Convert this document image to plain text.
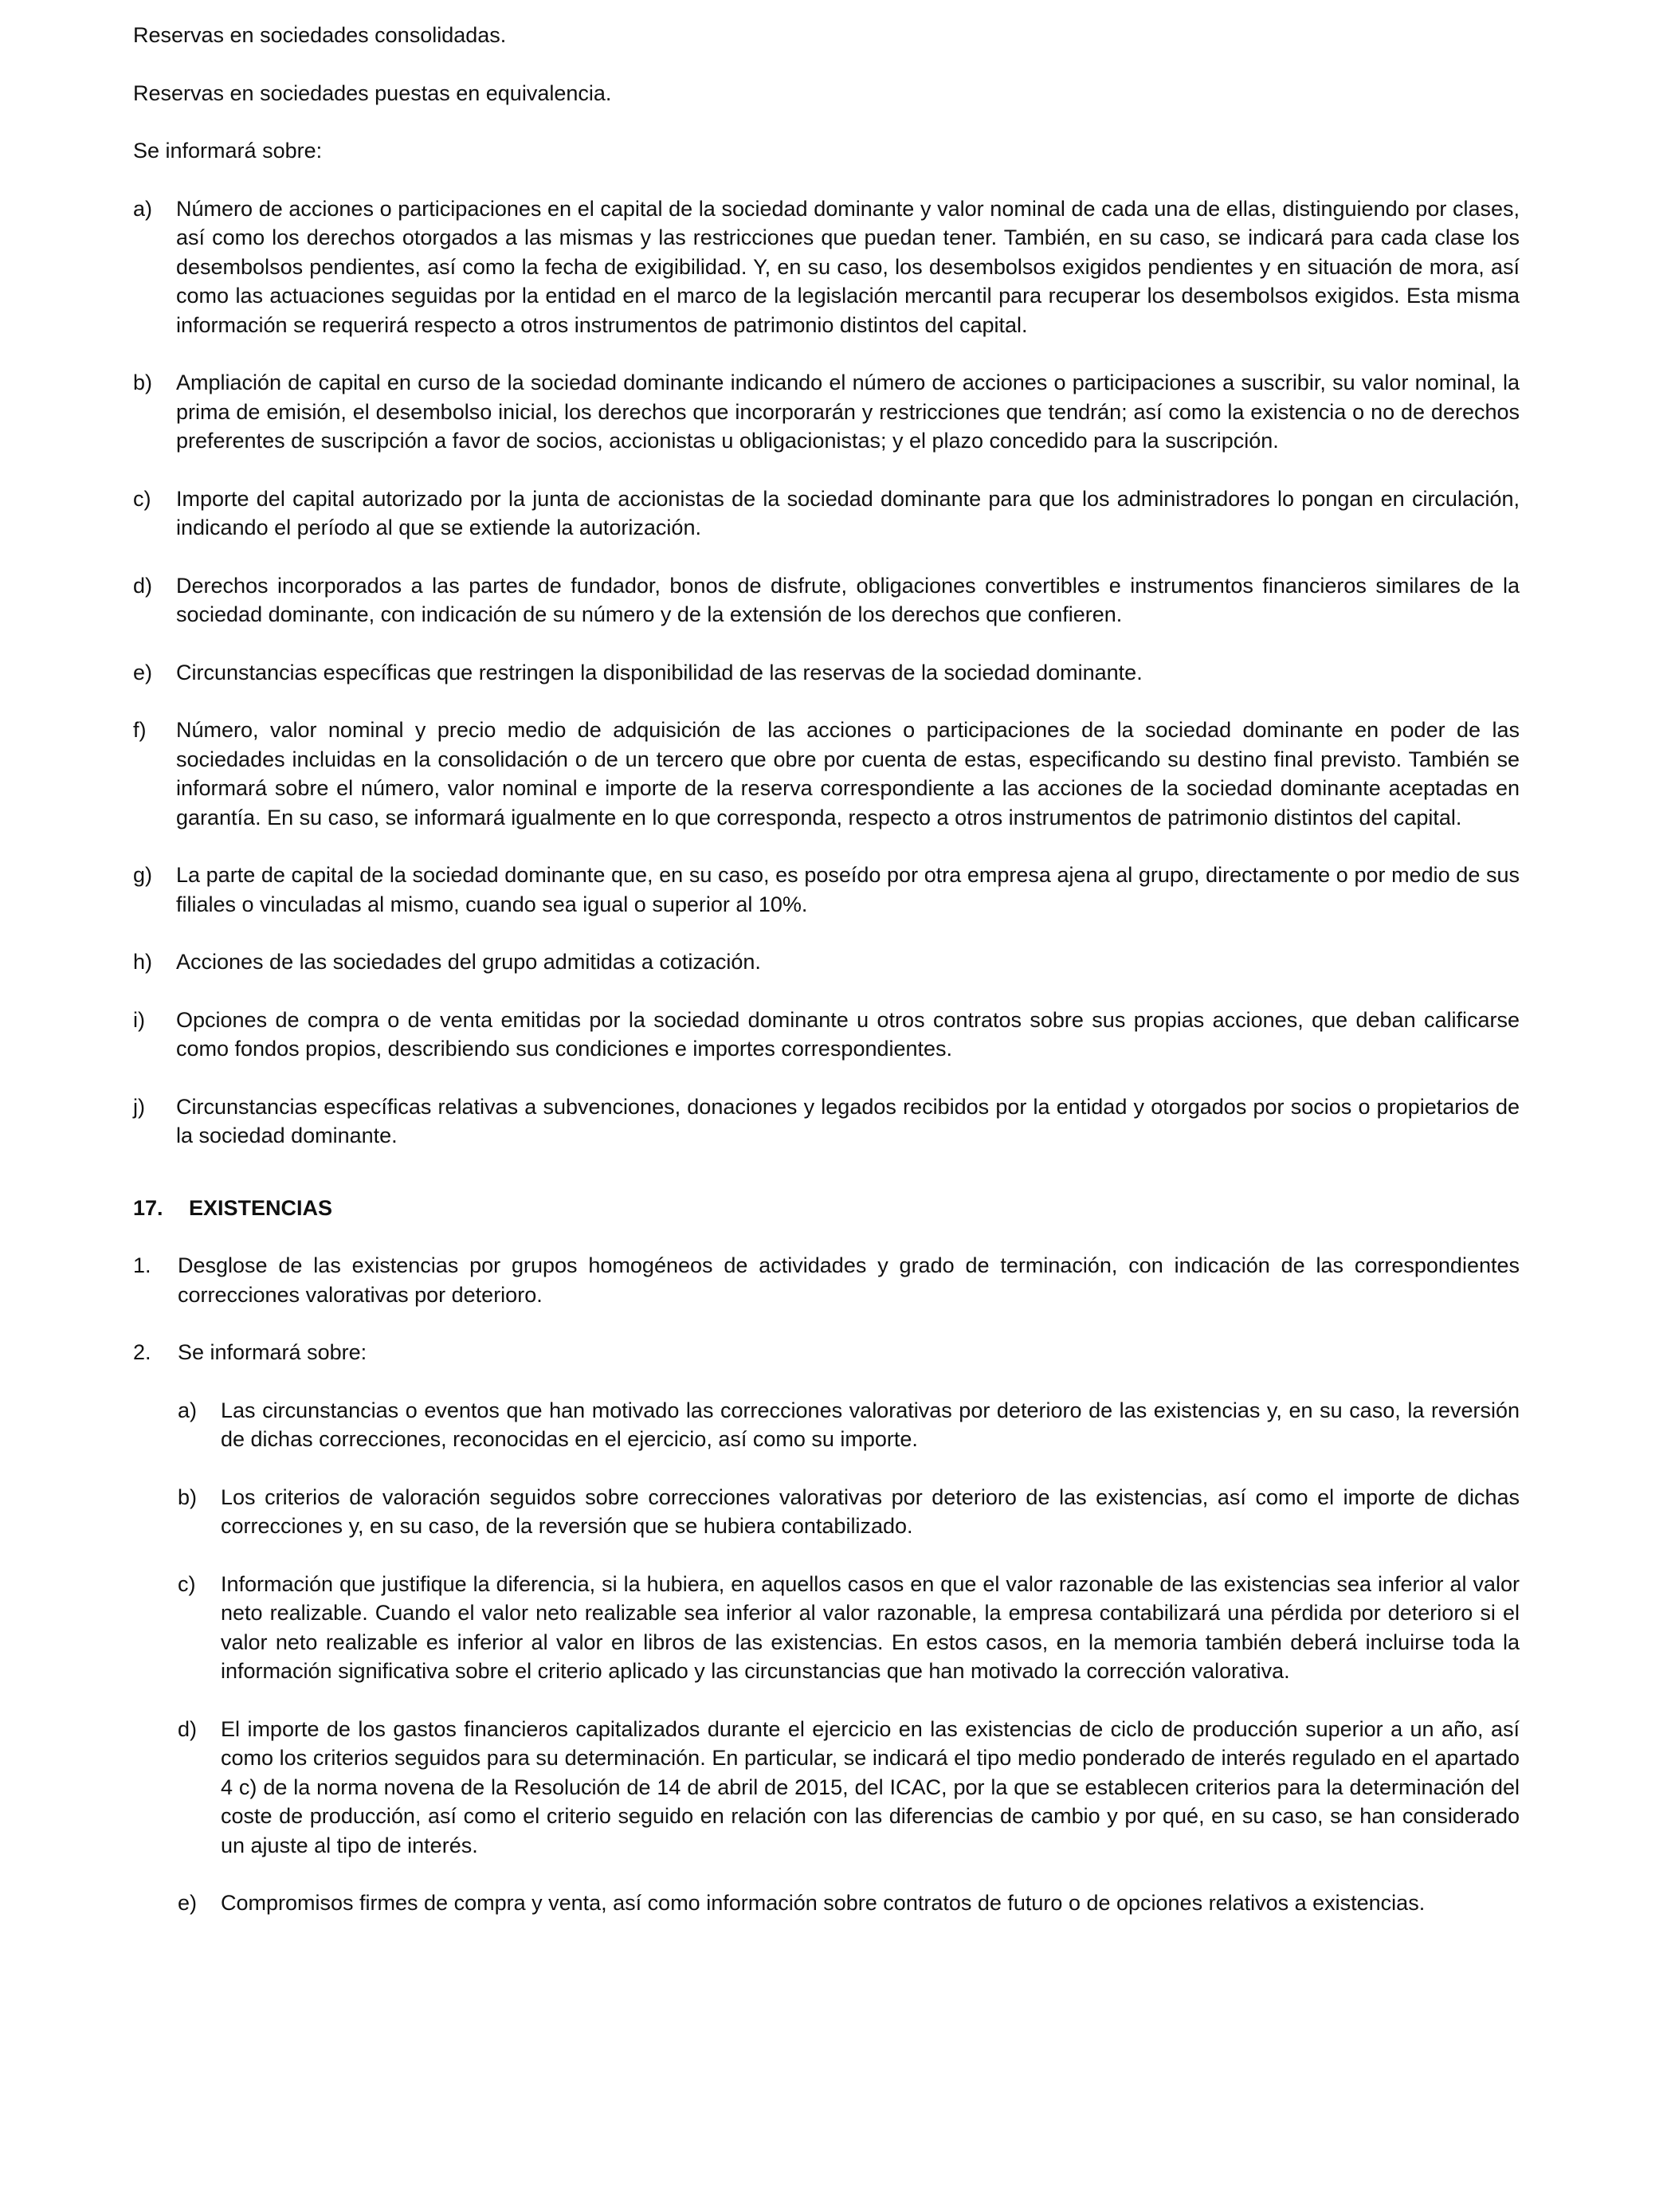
Reservas en sociedades consolidadas.

Reservas en sociedades puestas en equivalencia.

Se informará sobre:

a)	Número de acciones o participaciones en el capital de la sociedad dominante y valor nominal de cada una de ellas, distinguiendo por clases, así como los derechos otorgados a las mismas y las restricciones que puedan tener. También, en su caso, se indicará para cada clase los desembolsos pendientes, así como la fecha de exigibilidad. Y, en su caso, los desembolsos exigidos pendientes y en situación de mora, así como las actuaciones seguidas por la entidad en el marco de la legislación mercantil para recuperar los desembolsos exigidos. Esta misma información se requerirá respecto a otros instrumentos de patrimonio distintos del capital.
b)	Ampliación de capital en curso de la sociedad dominante indicando el número de acciones o participaciones a suscribir, su valor nominal, la prima de emisión, el desembolso inicial, los derechos que incorporarán y restricciones que tendrán; así como la existencia o no de derechos preferentes de suscripción a favor de socios, accionistas u obligacionistas; y el plazo concedido para la suscripción.
c)	Importe del capital autorizado por la junta de accionistas de la sociedad dominante para que los administradores lo pongan en circulación, indicando el período al que se extiende la autorización.
d)	Derechos incorporados a las partes de fundador, bonos de disfrute, obligaciones convertibles e instrumentos financieros similares de la sociedad dominante, con indicación de su número y de la extensión de los derechos que confieren.
e)	Circunstancias específicas que restringen la disponibilidad de las reservas de la sociedad dominante.
f)	Número, valor nominal y precio medio de adquisición de las acciones o participaciones de la sociedad dominante en poder de las sociedades incluidas en la consolidación o de un tercero que obre por cuenta de estas, especificando su destino final previsto. También se informará sobre el número, valor nominal e importe de la reserva correspondiente a las acciones de la sociedad dominante aceptadas en garantía. En su caso, se informará igualmente en lo que corresponda, respecto a otros instrumentos de patrimonio distintos del capital.
g)	La parte de capital de la sociedad dominante que, en su caso, es poseído por otra empresa ajena al grupo, directamente o por medio de sus filiales o vinculadas al mismo, cuando sea igual o superior al 10%.
h)	Acciones de las sociedades del grupo admitidas a cotización.
i)	Opciones de compra o de venta emitidas por la sociedad dominante u otros contratos sobre sus propias acciones, que deban calificarse como fondos propios, describiendo sus condiciones e importes correspondientes.
j)	Circunstancias específicas relativas a subvenciones, donaciones y legados recibidos por la entidad y otorgados por socios o propietarios de la sociedad dominante.
17. EXISTENCIAS
1.	Desglose de las existencias por grupos homogéneos de actividades y grado de terminación, con indicación de las correspondientes correcciones valorativas por deterioro.
2.	Se informará sobre:
a)	Las circunstancias o eventos que han motivado las correcciones valorativas por deterioro de las existencias y, en su caso, la reversión de dichas correcciones, reconocidas en el ejercicio, así como su importe.
b)	Los criterios de valoración seguidos sobre correcciones valorativas por deterioro de las existencias, así como el importe de dichas correcciones y, en su caso, de la reversión que se hubiera contabilizado.
c)	Información que justifique la diferencia, si la hubiera, en aquellos casos en que el valor razonable de las existencias sea inferior al valor neto realizable. Cuando el valor neto realizable sea inferior al valor razonable, la empresa contabilizará una pérdida por deterioro si el valor neto realizable es inferior al valor en libros de las existencias. En estos casos, en la memoria también deberá incluirse toda la información significativa sobre el criterio aplicado y las circunstancias que han motivado la corrección valorativa.
d)	El importe de los gastos financieros capitalizados durante el ejercicio en las existencias de ciclo de producción superior a un año, así como los criterios seguidos para su determinación. En particular, se indicará el tipo medio ponderado de interés regulado en el apartado 4 c) de la norma novena de la Resolución de 14 de abril de 2015, del ICAC, por la que se establecen criterios para la determinación del coste de producción, así como el criterio seguido en relación con las diferencias de cambio y por qué, en su caso, se han considerado un ajuste al tipo de interés.
e)	Compromisos firmes de compra y venta, así como información sobre contratos de futuro o de opciones relativos a existencias.
